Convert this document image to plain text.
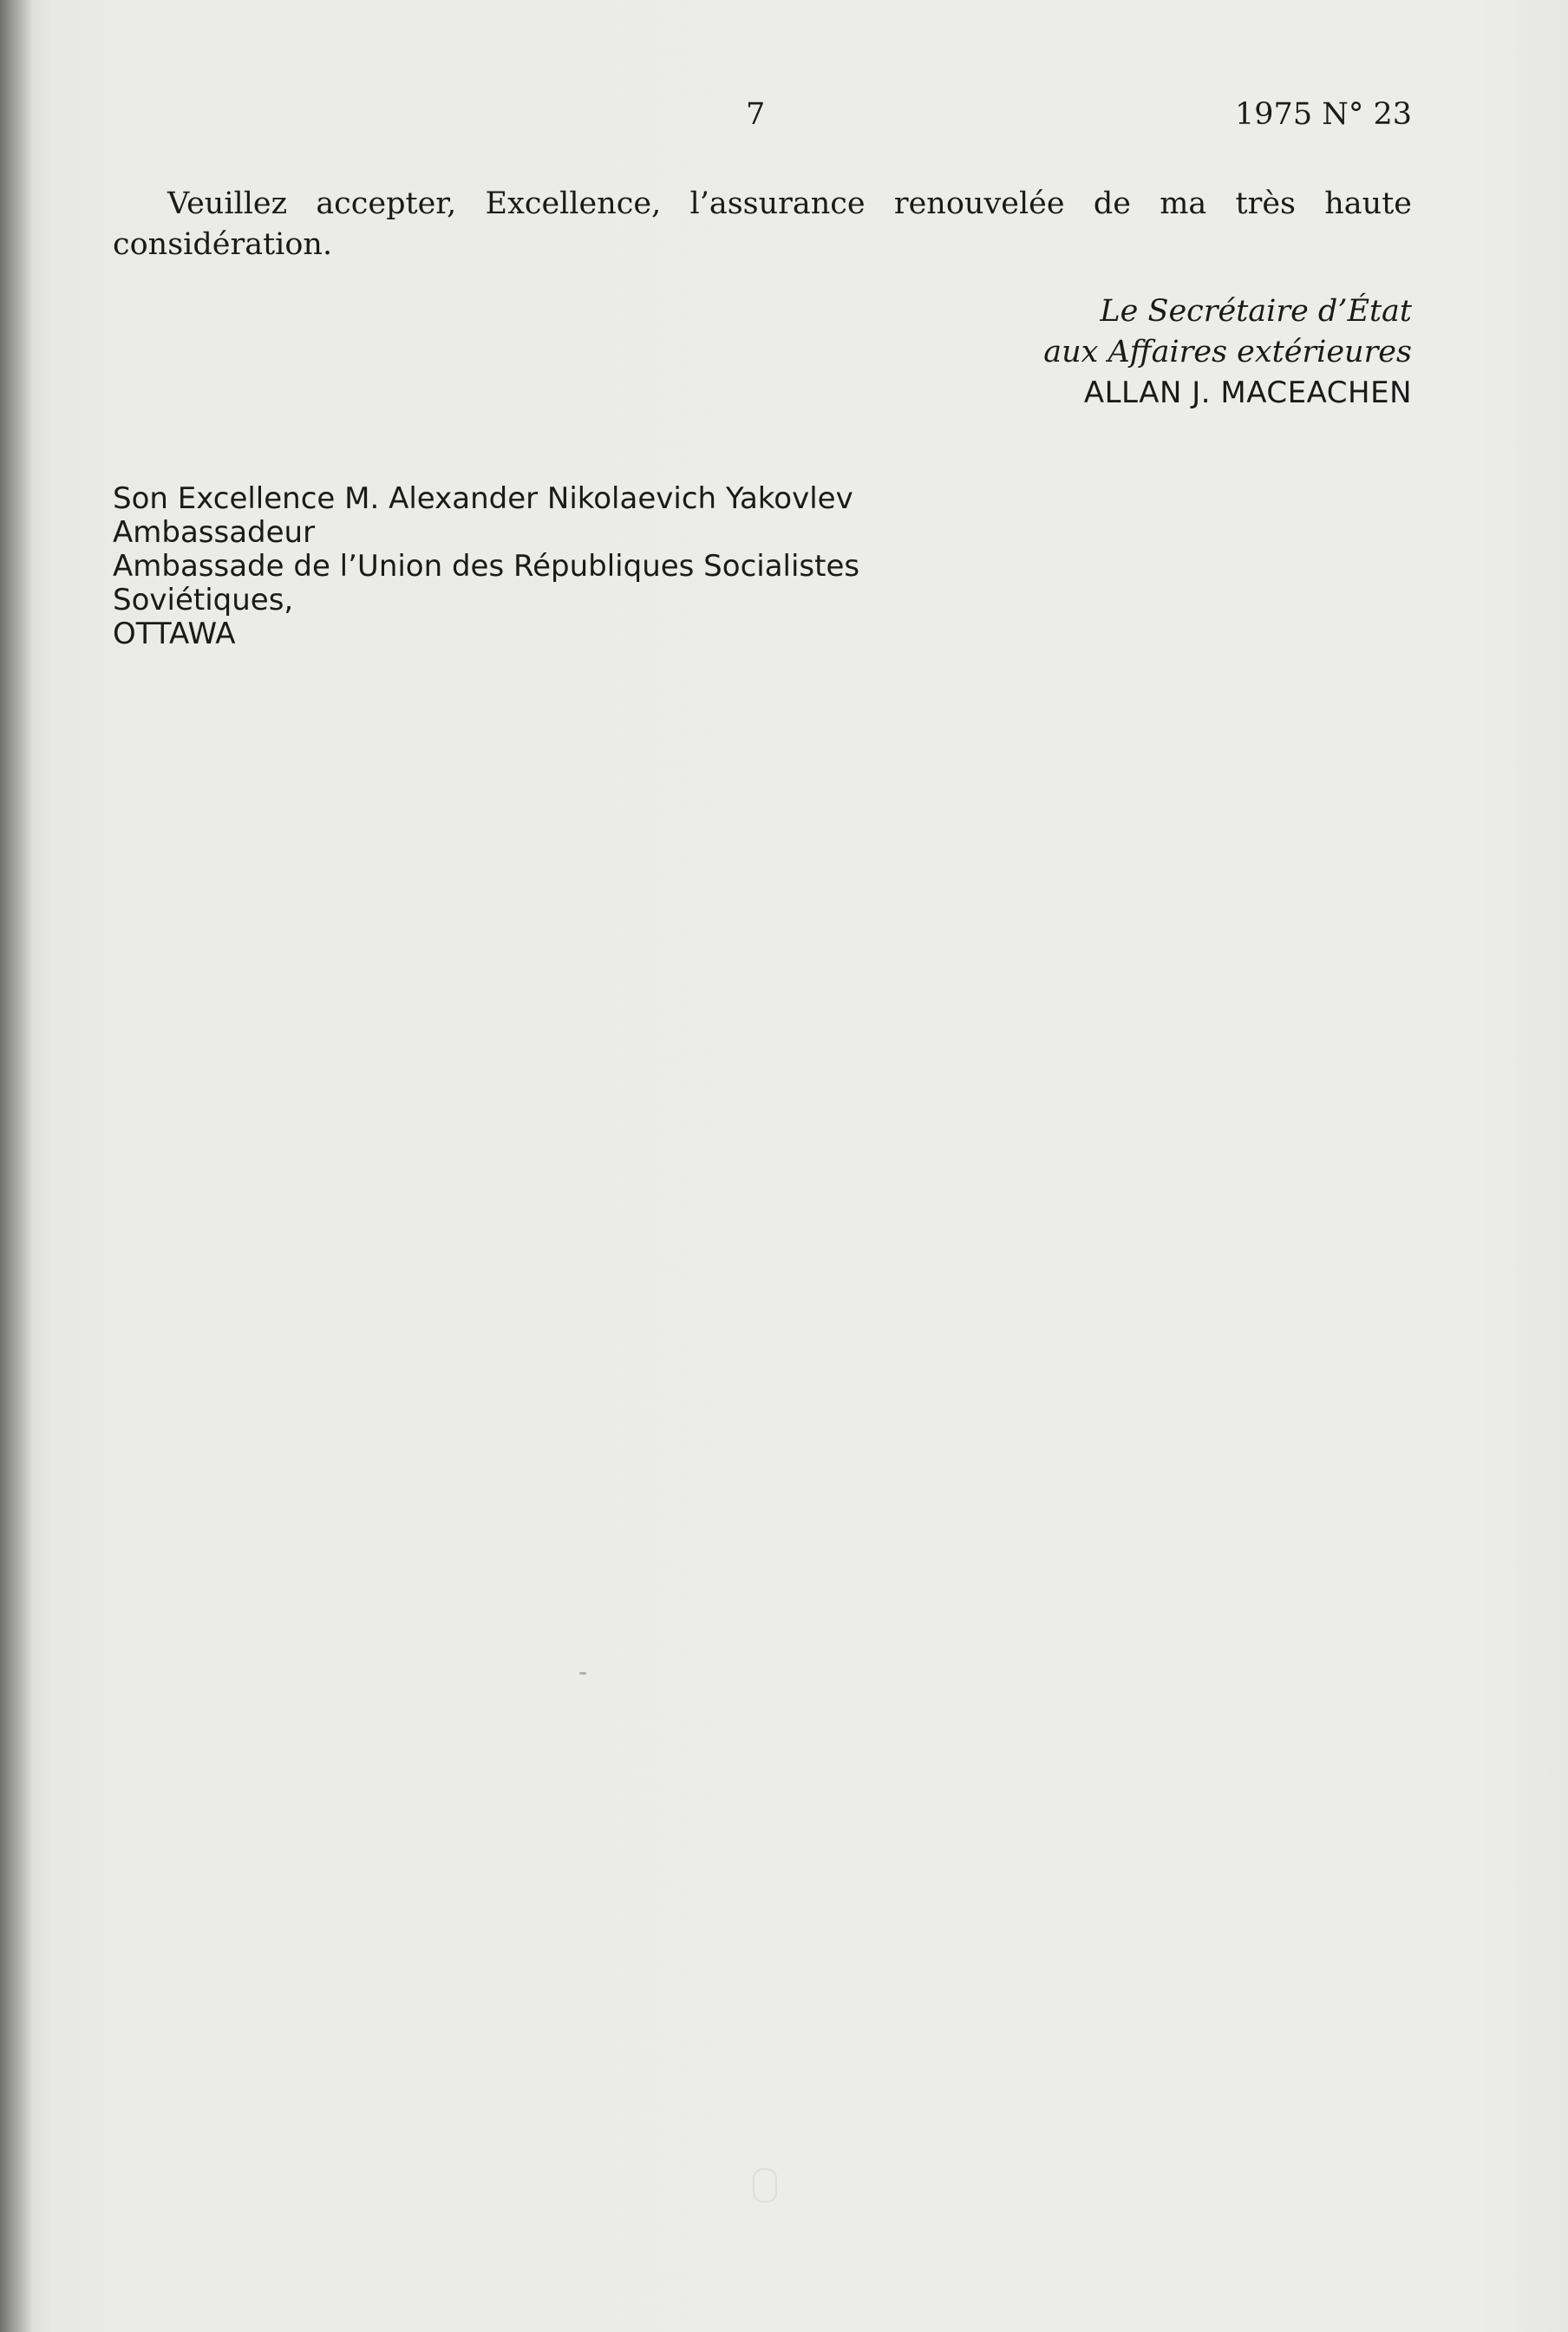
7	1975 N° 23
Veuillez accepter, Excellence, l’assurance renouvelée de ma très haute
considération.
Le Secrétaire d’État
aux Affaires extérieures
ALLAN J. MACEACHEN
Son Excellence M. Alexander Nikolaevich Yakovlev
Ambassadeur
Ambassade de l’Union des Républiques Socialistes
Soviétiques,
OTTAWA
